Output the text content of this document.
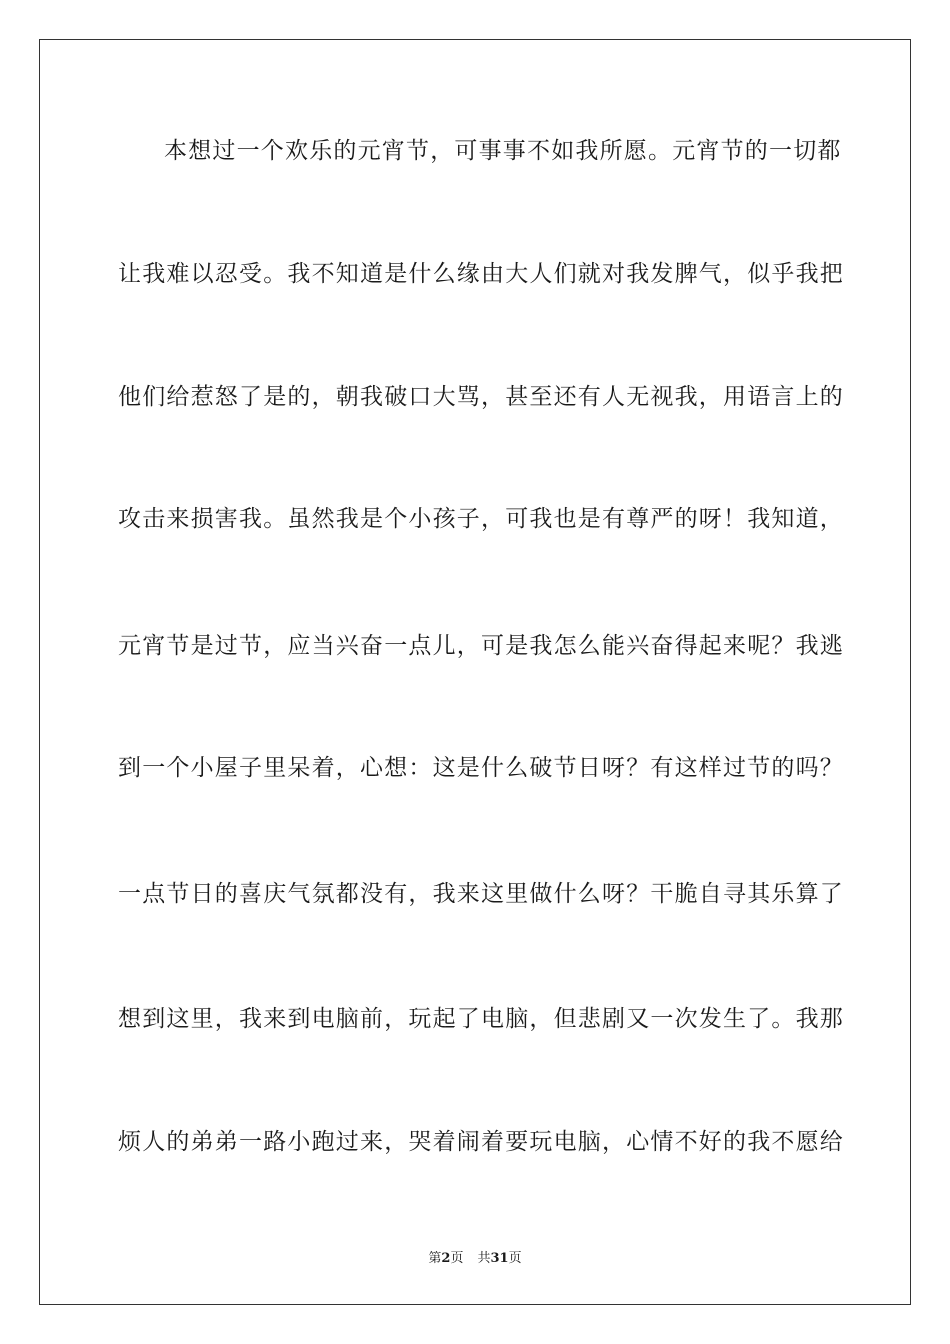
本想过一个欢乐的元宵节，可事事不如我所愿。元宵节的一切都
让我难以忍受。我不知道是什么缘由大人们就对我发脾气，似乎我把
他们给惹怒了是的，朝我破口大骂，甚至还有人无视我，用语言上的
攻击来损害我。虽然我是个小孩子，可我也是有尊严的呀！我知道，
元宵节是过节，应当兴奋一点儿，可是我怎么能兴奋得起来呢？我逃
到一个小屋子里呆着，心想：这是什么破节日呀？有这样过节的吗？
一点节日的喜庆气氛都没有，我来这里做什么呀？干脆自寻其乐算了
想到这里，我来到电脑前，玩起了电脑，但悲剧又一次发生了。我那
烦人的弟弟一路小跑过来，哭着闹着要玩电脑，心情不好的我不愿给
第2页 共31页
